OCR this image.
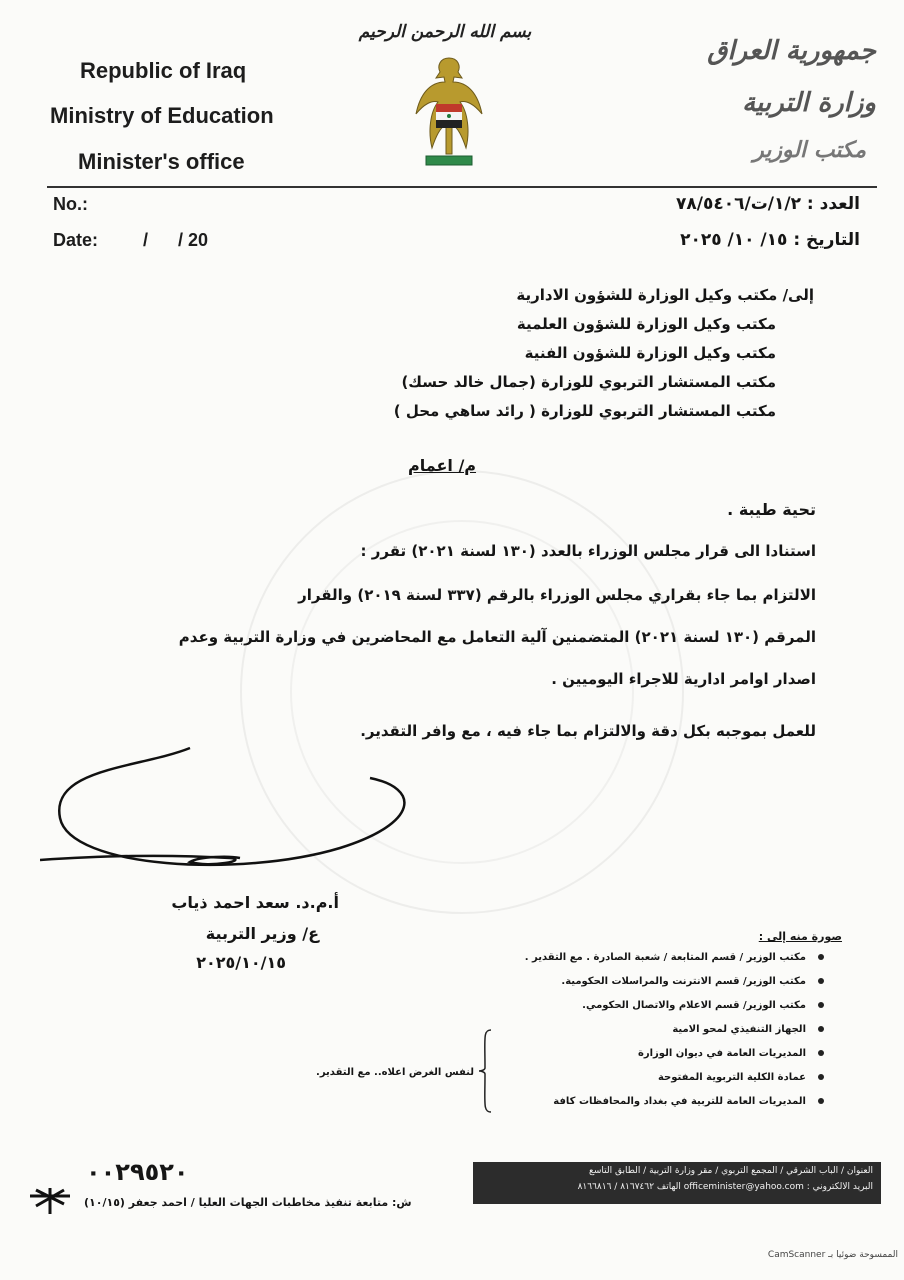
بسم الله الرحمن الرحيم
Republic of Iraq
Ministry of Education
Minister's office
جمهورية العراق
وزارة التربية
مكتب الوزير
No.:
Date: /      / 20
العدد : ١/٢/ت/٧٨/٥٤٠٦
التاريخ : ١٥/ ١٠/ ٢٠٢٥
إلى/ مكتب وكيل الوزارة للشؤون الادارية
مكتب وكيل الوزارة للشؤون العلمية
مكتب وكيل الوزارة للشؤون الفنية
مكتب المستشار التربوي للوزارة (جمال خالد حسك)
مكتب المستشار التربوي للوزارة ( رائد ساهي محل )
م/ اعمام
تحية طيبة .
استنادا الى قرار مجلس الوزراء بالعدد (١٣٠ لسنة ٢٠٢١) تقرر :
الالتزام بما جاء بقراري مجلس الوزراء بالرقم (٣٣٧ لسنة ٢٠١٩) والقرار
المرقم (١٣٠ لسنة ٢٠٢١) المتضمنين آلية التعامل مع المحاضرين في وزارة التربية وعدم
اصدار اوامر ادارية للاجراء اليوميين .
للعمل بموجبه بكل دقة والالتزام بما جاء فيه ، مع وافر التقدير.
أ.م.د. سعد احمد ذياب
ع/ وزير التربية
٢٠٢٥/١٠/١٥
صورة منه إلى :
مكتب الوزير / قسم المتابعة / شعبة الصادرة . مع التقدير .
مكتب الوزير/ قسم الانترنت والمراسلات الحكومية.
مكتب الوزير/ قسم الاعلام والاتصال الحكومي.
الجهاز التنفيذي لمحو الامية
المديريات العامة في ديوان الوزارة
عمادة الكلية التربوية المفتوحة
المديريات العامة للتربية في بغداد والمحافظات كافة
لنفس الغرض اعلاه.. مع التقدير.
٠٠٢٩٥٢٠
ش: متابعة تنفيذ مخاطبات الجهات العليا / احمد جعفر (١٠/١٥)
العنوان / الباب الشرقي / المجمع التربوي / مقر وزارة التربية / الطابق التاسع
البريد الالكتروني : officeminister@yahoo.com الهاتف ٨١٦٧٤٦٢ / ٨١٦٦٨١٦
الممسوحة ضوئيا بـ CamScanner
